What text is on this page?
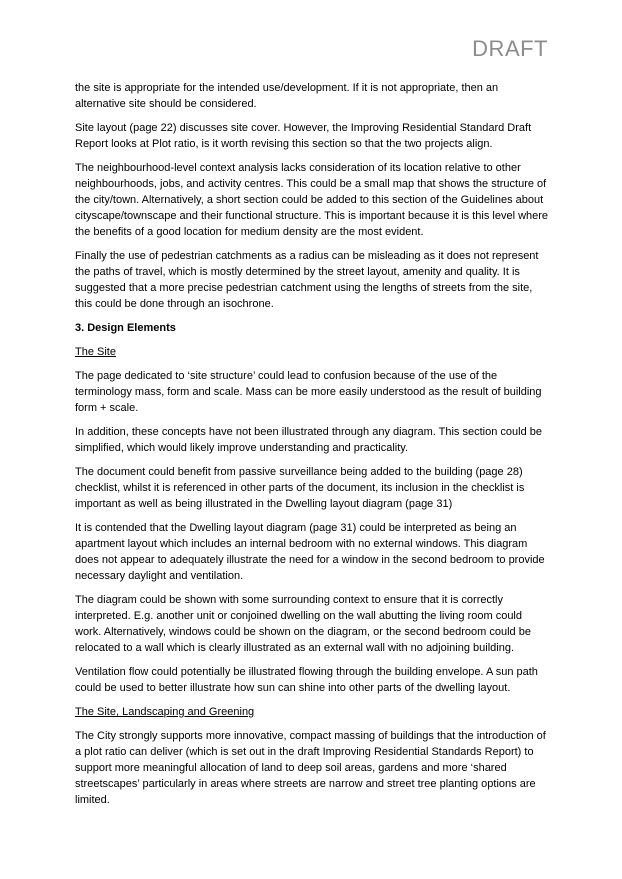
DRAFT

the site is appropriate for the intended use/development. If it is not appropriate, then an alternative site should be considered.

Site layout (page 22) discusses site cover. However, the Improving Residential Standard Draft Report looks at Plot ratio, is it worth revising this section so that the two projects align.

The neighbourhood-level context analysis lacks consideration of its location relative to other neighbourhoods, jobs, and activity centres. This could be a small map that shows the structure of the city/town. Alternatively, a short section could be added to this section of the Guidelines about cityscape/townscape and their functional structure. This is important because it is this level where the benefits of a good location for medium density are the most evident.

Finally the use of pedestrian catchments as a radius can be misleading as it does not represent the paths of travel, which is mostly determined by the street layout, amenity and quality. It is suggested that a more precise pedestrian catchment using the lengths of streets from the site, this could be done through an isochrone.

3. Design Elements

The Site

The page dedicated to ‘site structure’ could lead to confusion because of the use of the terminology mass, form and scale. Mass can be more easily understood as the result of building form + scale.

In addition, these concepts have not been illustrated through any diagram. This section could be simplified, which would likely improve understanding and practicality.

The document could benefit from passive surveillance being added to the building (page 28) checklist, whilst it is referenced in other parts of the document, its inclusion in the checklist is important as well as being illustrated in the Dwelling layout diagram (page 31)

It is contended that the Dwelling layout diagram (page 31) could be interpreted as being an apartment layout which includes an internal bedroom with no external windows. This diagram does not appear to adequately illustrate the need for a window in the second bedroom to provide necessary daylight and ventilation.

The diagram could be shown with some surrounding context to ensure that it is correctly interpreted. E.g. another unit or conjoined dwelling on the wall abutting the living room could work. Alternatively, windows could be shown on the diagram, or the second bedroom could be relocated to a wall which is clearly illustrated as an external wall with no adjoining building.

Ventilation flow could potentially be illustrated flowing through the building envelope. A sun path could be used to better illustrate how sun can shine into other parts of the dwelling layout.

The Site, Landscaping and Greening

The City strongly supports more innovative, compact massing of buildings that the introduction of a plot ratio can deliver (which is set out in the draft Improving Residential Standards Report) to support more meaningful allocation of land to deep soil areas, gardens and more ‘shared streetscapes’ particularly in areas where streets are narrow and street tree planting options are limited.
